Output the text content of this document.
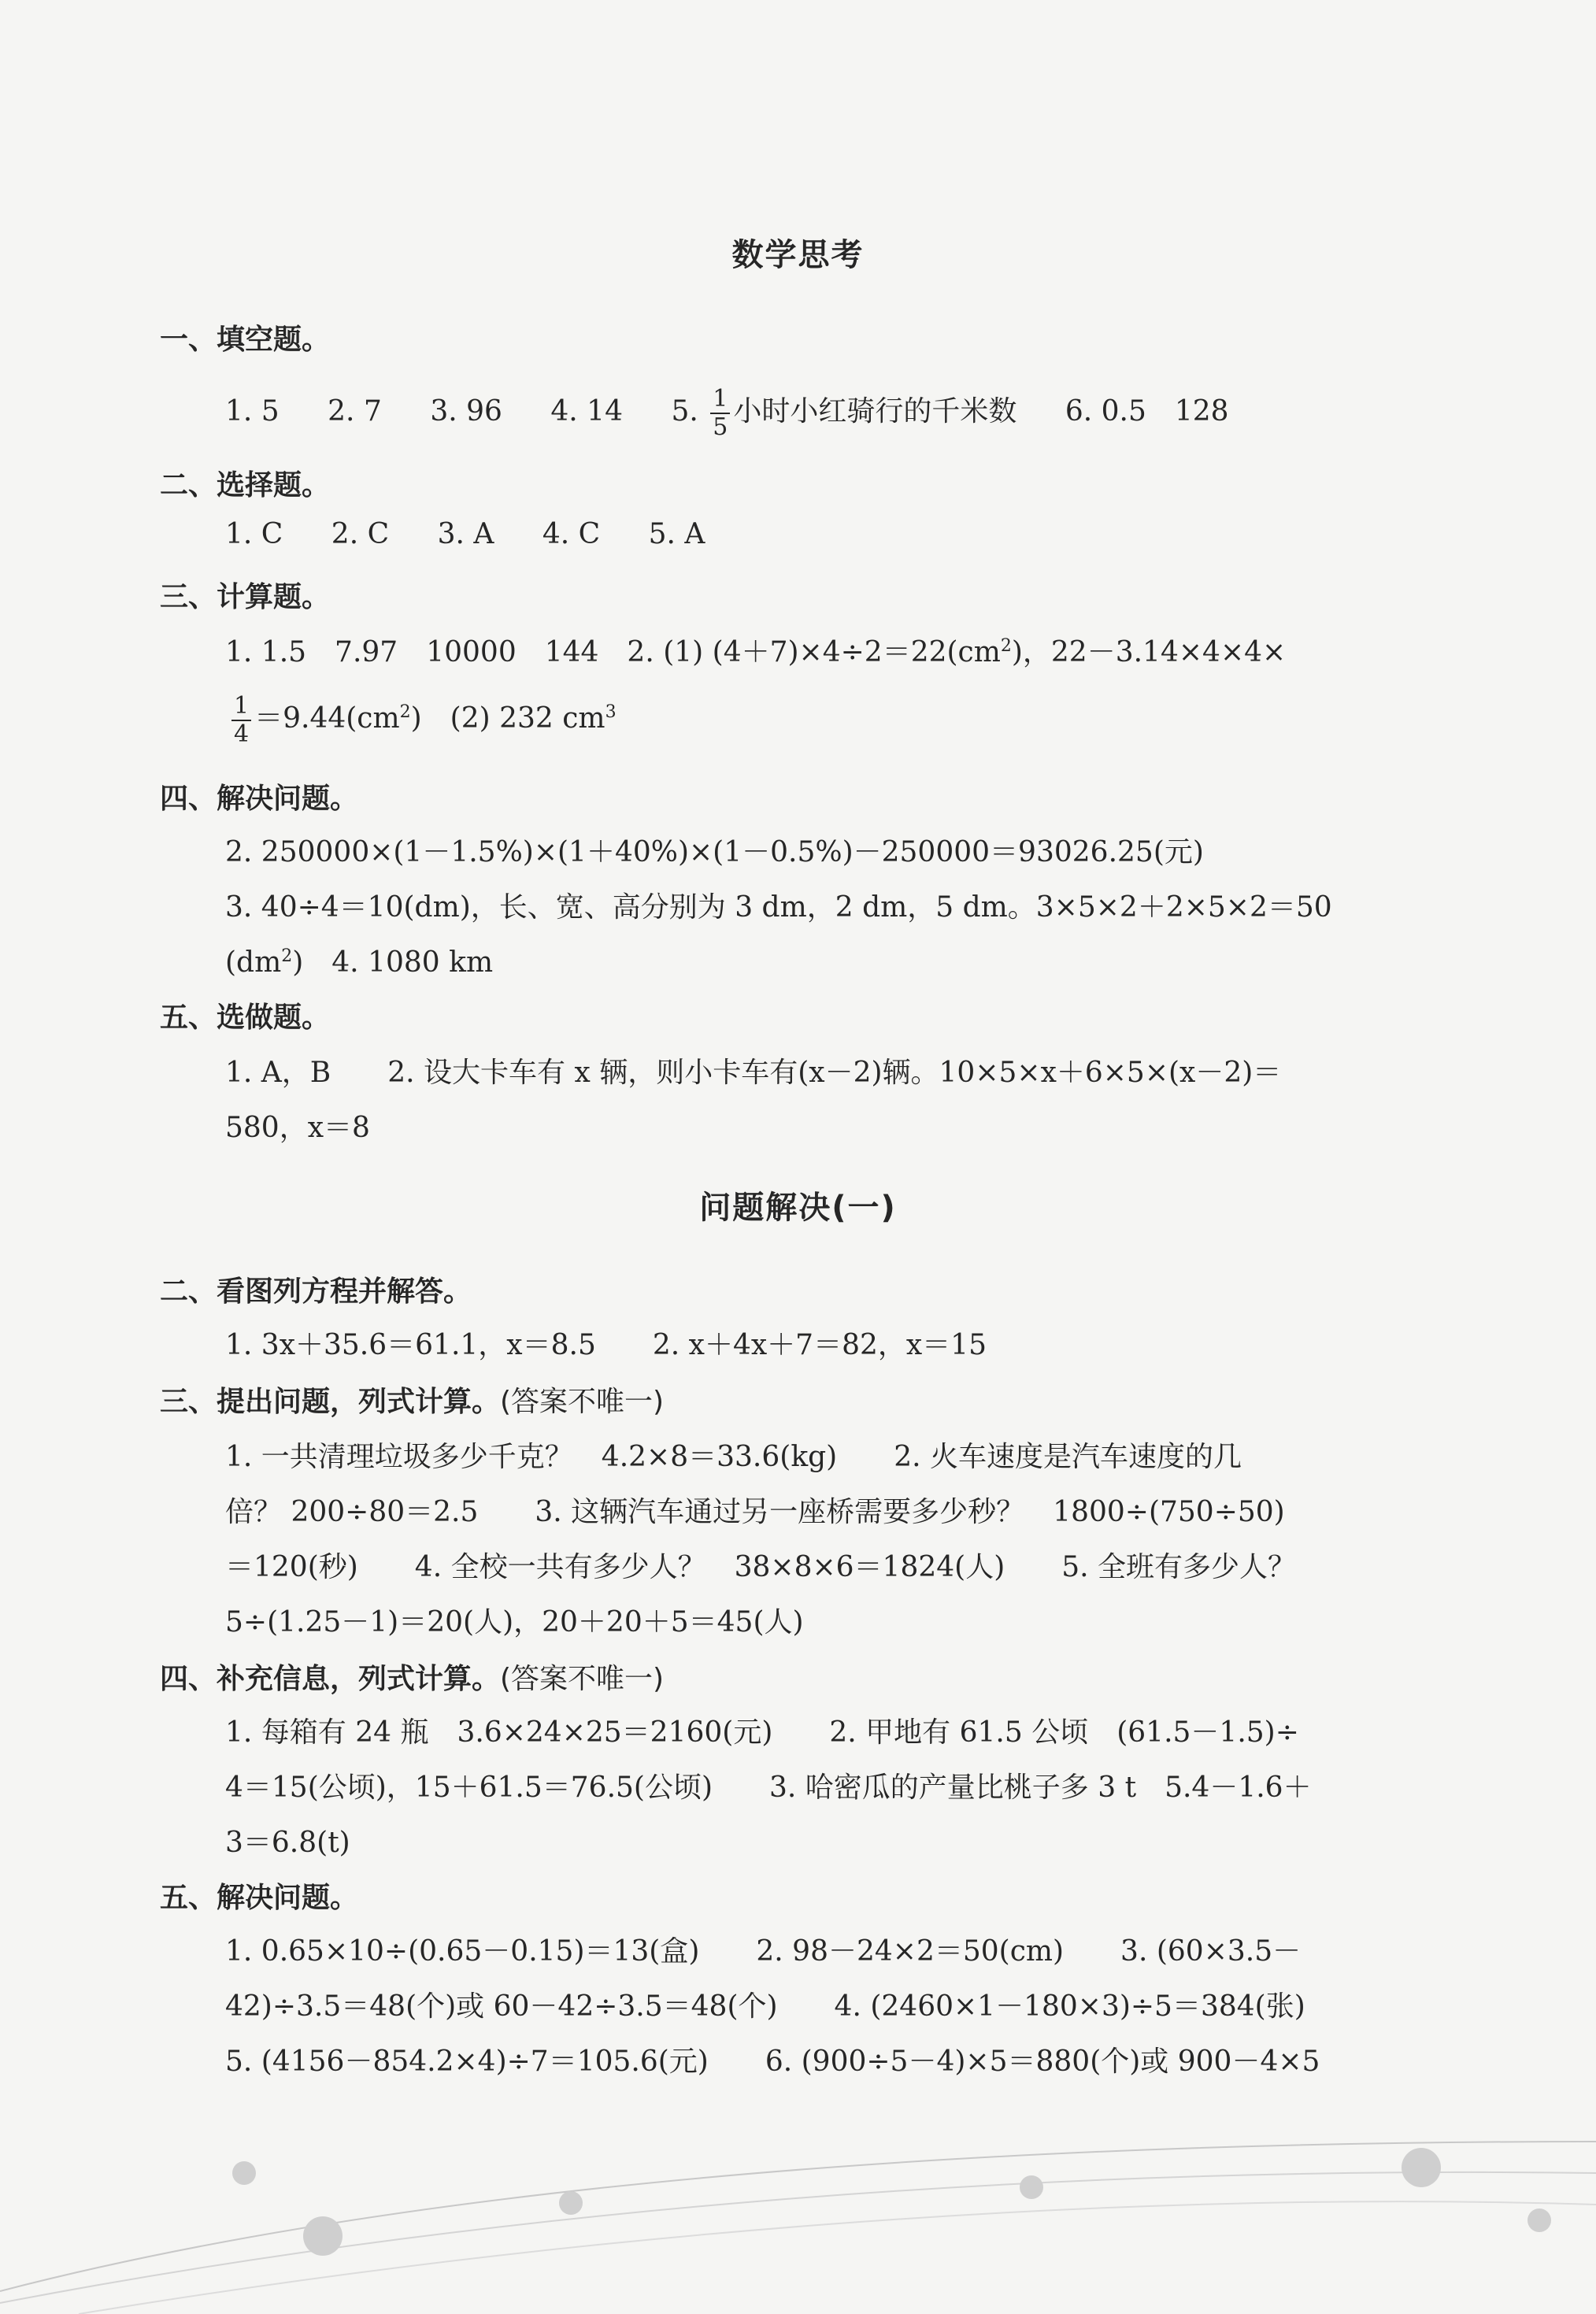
数学思考
一、填空题。
1. 5 2. 7 3. 96 4. 14 5. $\frac{1}{5}$ 小时小红骑行的千米数 6. 0.5　128
二、选择题。
1. C 2. C 3. A 4. C 5. A
三、计算题。
1. 1.5　7.97　10000　144　2. (1) $(4+7)\times 4\div 2=22(cm^2)$，22－3.14×4×4×
$\frac{1}{4} =9.44(cm^2)$　(2) 232 $cm^3$
四、解决问题。
2. 250000×(1－1.5%)×(1＋40%)×(1－0.5%)－250000＝93026.25(元)
3. 40÷4＝10(dm)，长、宽、高分别为 3 dm，2 dm，5 dm。3×5×2＋2×5×2＝50
$(dm^2)$　4. 1080 km
五、选做题。
1. A，B　　2. 设大卡车有 x 辆，则小卡车有(x－2)辆。10×5×x＋6×5×(x－2)＝
580，x＝8
问题解决(一)
二、看图列方程并解答。
1. 3x＋35.6＝61.1，x＝8.5　　2. x＋4x＋7＝82，x＝15
三、提出问题，列式计算。(答案不唯一)
1. 一共清理垃圾多少千克？　4.2×8＝33.6(kg)　　2. 火车速度是汽车速度的几
倍？ 200÷80＝2.5　　3. 这辆汽车通过另一座桥需要多少秒？　1800÷(750÷50)
＝120(秒)　　4. 全校一共有多少人？　38×8×6＝1824(人)　　5. 全班有多少人？
5÷(1.25－1)＝20(人)，20＋20＋5＝45(人)
四、补充信息，列式计算。(答案不唯一)
1. 每箱有 24 瓶　3.6×24×25＝2160(元)　　2. 甲地有 61.5 公顷　(61.5－1.5)÷
4＝15(公顷)，15＋61.5＝76.5(公顷)　　3. 哈密瓜的产量比桃子多 3 t　5.4－1.6＋
3＝6.8(t)
五、解决问题。
1. 0.65×10÷(0.65－0.15)＝13(盒)　　2. 98－24×2＝50(cm)　　3. (60×3.5－
42)÷3.5＝48(个)或 60－42÷3.5＝48(个)　　4. (2460×1－180×3)÷5＝384(张)
5. (4156－854.2×4)÷7＝105.6(元)　　6. (900÷5－4)×5＝880(个)或 900－4×5
